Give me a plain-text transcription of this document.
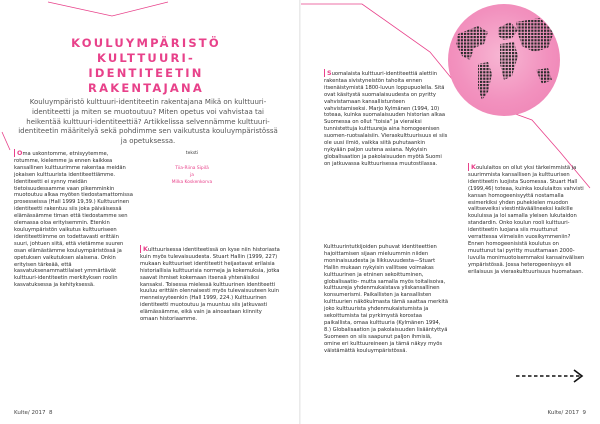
KOULUYMPÄRISTÖ KULTTUURI-IDENTITEETIN RAKENTAJANA

Kouluympäristö kulttuuri-identiteetin rakentajana Mikä on kulttuuri-identiteetti ja miten se muotoutuu? Miten opetus voi vahvistaa tai heikentää kulttuuri-identiteettiä? Artikkelissa selvennämme kulttuuri-identiteetin määritelyä sekä pohdimme sen vaikutusta kouluympäristössä ja opetuksessa.

Oma uskontomme, etnisyytemme, rotumme, kielemme ja ennen kaikkea kansallinen kulttuurimme rakentaa meidän jokaisen kulttuurista identiteettiämme. Identiteetti ei synny meidän tietoisuudessamme vaan pikemminkin muotoutuu alkaa myöten tiedostamattomissa prosesseissa (Hall 1999 19,39.) Kulttuurinen identiteetti rakentuu siis joka päiväisessä elämässämme timan että tiedostamme sen olemassa oloa erityisemmin. Etenkin kouluympäristön vaikutus kulttuuriseen identiteettiimme on todettavasti erittäin suuri, johtuen siitä, että vietämme suuren osan elämästämme kouluympäristössä ja opetuksen vaikutuksen alaisena. Onkin erityisen tärkeää, että kasvatuksenammattilaiset ymmärtävät kulttuuri-identiteetin merkityksen roolin kasvatuksessa ja kehityksessä.

teksti
Tiia-Riina Sipilä
ja
Milka Koskenkorva

Kulttuurisessa identiteetissä on kyse niin historiasta kuin myös tulevaisuudesta. Stuart Hallin (1999, 227) mukaan kulttuuriset identiteetit heijastavat erilaisia historiallisia kulttuurisia normeja ja kokemuksia, jotka saavat ihmiset kokemaan itsensä yhtenäisiksi kansaksi. Toisessa mielessä kulttuurinen identiteetti kuuluu erittäin olennaisesti myös tulevaisuuteen kuin menneisyyteenkin (Hall 1999, 224.) Kulttuurinen identiteetti muotoutuu ja muuntuu siis jatkuvasti elämässämme, eikä vain ja ainoastaan kiinnity omaan historiaamme.

Suomalaista kulttuuri-identiteettiä alettiin rakentaa sivistyneistön tahoita ennen itsenäistymistä 1800-luvun loppupuolella. Sitä ovat käsitystä suomalaisuudesta on pyritty vahvistamaan kansallistunteen vahvistamiseksi. Marjo Kylmänen (1994, 10) toteaa, kuinka suomalaisuuden historian alkaa Suomessa on ollut "toisia" ja vieraiksi tunnistettuja kulttuureja aina homogeenisen suomen-ruotsalaisiin. Vieraskulttuurisuus ei siis ole uusi ilmiö, vaikka siitä puhutaankin nykyään paljon uutena asiana. Nykyisin globalisaation ja pakolaisuuden myötä Suomi on jatkuvassa kulttuurisessa muutostilassa.

Kulttuurintutkijoiden puhuvat identiteettien hajoittamisen sijaan mieluummin niiden moninaisuudesta ja liikkuvuudesta—Stuart Hallin mukaan nykyisin vallitsee voimakas kulttuurinen ja etninen sekoittuminen, globalisaatio- mutta samalla myös toitalisoiva, kulttuureja yhdenmukaistava yliskansallinen konsumerismi. Paikallisten ja kansallisten kulttuurien näkökulmasta tämä saattaa merkitä joko kulttuurista yhdenmukaistumista ja sekoittumista tai pyrkimystä korostaa paikallista, omaa kulttuuria (Kylmänen 1994, 8.) Globalisaation ja pakolaisuuden lisääntyttyä Suomeen on siis saapunut paljon ihmisiä, omine eri kulttuureineen ja tämä näkyy myös väistämättä kouluympäristössä.

Koululaitos on ollut yksi tärkeimmistä ja suurimmista kansallisen ja kulttuurisen identiteetin luojista Suomessa. Stuart Hall (1999,46) toteaa, kuinka koululaitos vahvisti kansan homogeenisyyttä nostamalla esimerkiksi yhden puhekielen muodon valitseveiksi viestintäväälineeksi kaikille kouluissa ja loi samalla yleisen lukutaidon standardin. Onko koulun rooli kulttuuri-identiteetin luojana siis muuttunut verrattessa viimeisiin vuosikymmeniin? Ennen homogeenisistä koulutus on muuttunut tai pyritty muuttamaan 2000-luvulla monimuotoisemmaksi kansainvälisen ympäristössä. Jossa heterogeenisyys eli erilaisuus ja vieraskulttuurisuus huomataan.

Kulte/ 2017 8	Kulte/ 2017 9
